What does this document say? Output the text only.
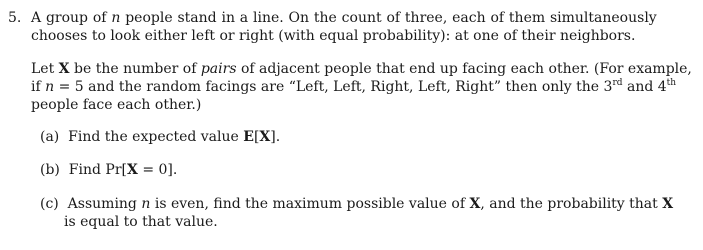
5. A group of n people stand in a line. On the count of three, each of them simultaneously
chooses to look either left or right (with equal probability): at one of their neighbors.
Let X be the number of pairs of adjacent people that end up facing each other. (For example,
if n = 5 and the random facings are “Left, Left, Right, Left, Right” then only the 3rd and 4th
people face each other.)
(a)  Find the expected value E[X].
(b)  Find Pr[X = 0].
(c)  Assuming n is even, find the maximum possible value of X, and the probability that X
is equal to that value.
